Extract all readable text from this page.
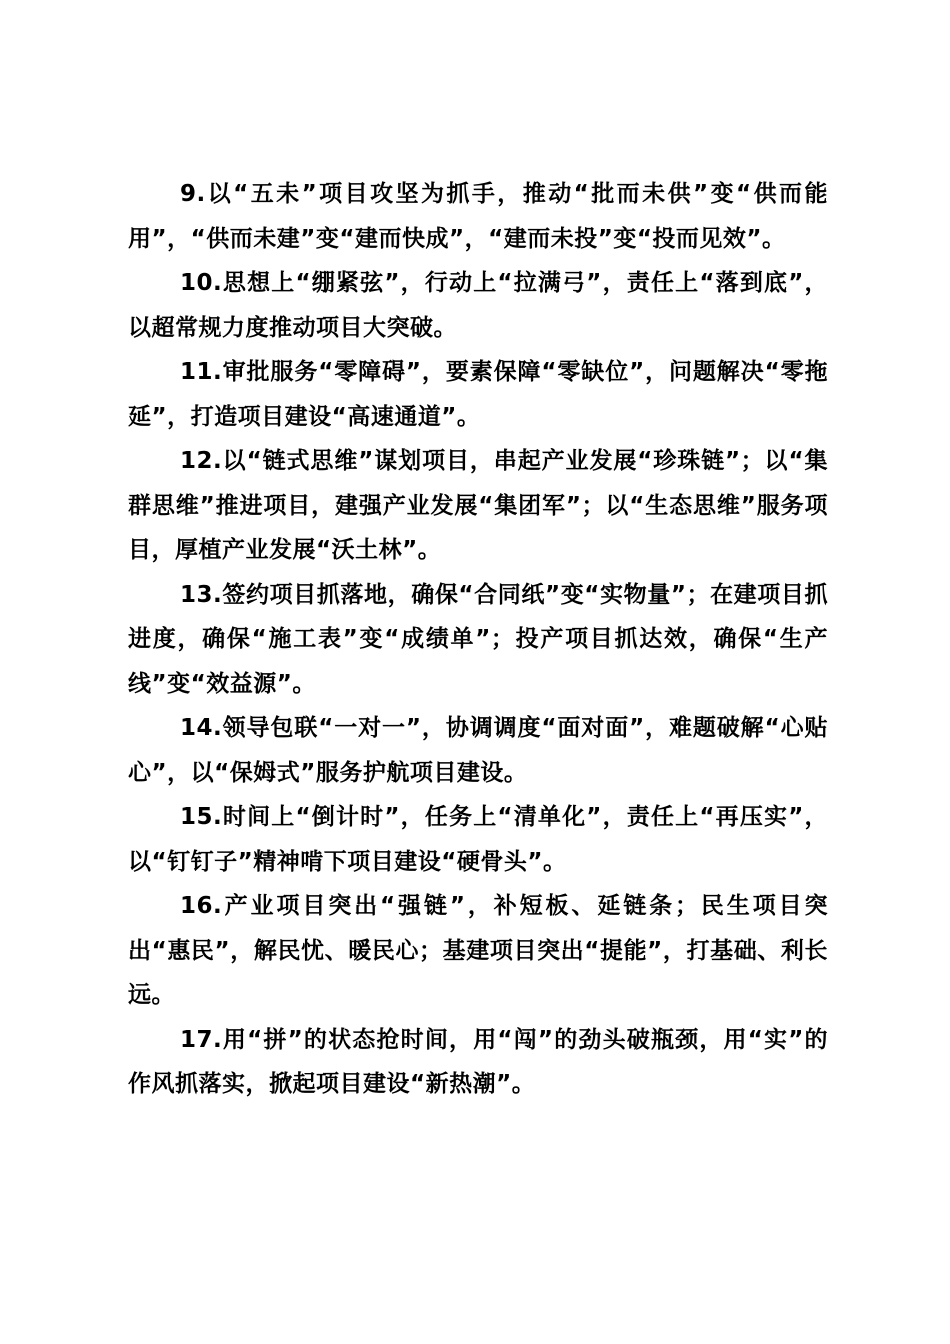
9.以“五未”项目攻坚为抓手，推动“批而未供”变“供而能用”，“供而未建”变“建而快成”，“建而未投”变“投而见效”。

10.思想上“绷紧弦”，行动上“拉满弓”，责任上“落到底”，以超常规力度推动项目大突破。

11.审批服务“零障碍”，要素保障“零缺位”，问题解决“零拖延”，打造项目建设“高速通道”。

12.以“链式思维”谋划项目，串起产业发展“珍珠链”；以“集群思维”推进项目，建强产业发展“集团军”；以“生态思维”服务项目，厚植产业发展“沃土林”。

13.签约项目抓落地，确保“合同纸”变“实物量”；在建项目抓进度，确保“施工表”变“成绩单”；投产项目抓达效，确保“生产线”变“效益源”。

14.领导包联“一对一”，协调调度“面对面”，难题破解“心贴心”，以“保姆式”服务护航项目建设。

15.时间上“倒计时”，任务上“清单化”，责任上“再压实”，以“钉钉子”精神啃下项目建设“硬骨头”。

16.产业项目突出“强链”，补短板、延链条；民生项目突出“惠民”，解民忧、暖民心；基建项目突出“提能”，打基础、利长远。

17.用“拼”的状态抢时间，用“闯”的劲头破瓶颈，用“实”的作风抓落实，掀起项目建设“新热潮”。
